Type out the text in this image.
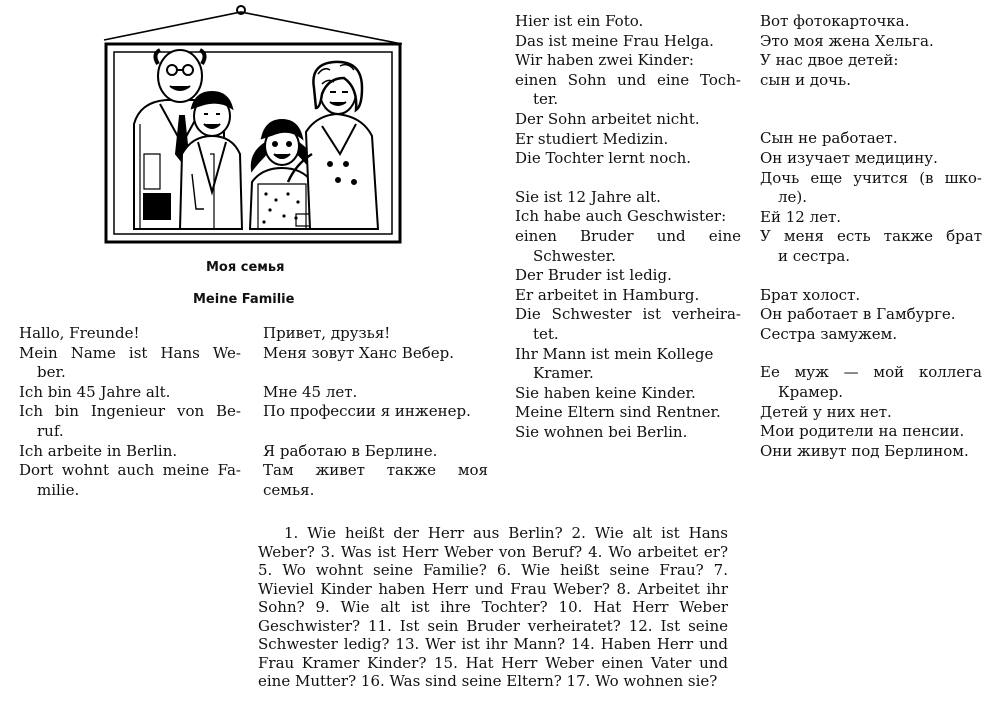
Моя семья
Meine Familie

Hallo, Freunde!

Mein Name ist Hans We-

ber.

Ich bin 45 Jahre alt.

Ich bin Ingenieur von Be-

ruf.

Ich arbeite in Berlin.

Dort wohnt auch meine Fa-

milie.

Привет, друзья!

Меня зовут Ханс Вебер.

Мне 45 лет.

По профессии я инженер.

Я работаю в Берлине.

Там живет также моя

семья.

Hier ist ein Foto.

Das ist meine Frau Helga.

Wir haben zwei Kinder:

einen Sohn und eine Toch-

ter.

Der Sohn arbeitet nicht.

Er studiert Medizin.

Die Tochter lernt noch.

Sie ist 12 Jahre alt.

Ich habe auch Geschwister:

einen Bruder und eine

Schwester.

Der Bruder ist ledig.

Er arbeitet in Hamburg.

Die Schwester ist verheira-

tet.

Ihr Mann ist mein Kollege

Kramer.

Sie haben keine Kinder.

Meine Eltern sind Rentner.

Sie wohnen bei Berlin.

Вот фотокарточка.

Это моя жена Хельга.

У нас двое детей:

сын и дочь.

Сын не работает.

Он изучает медицину.

Дочь еще учится (в шко-

ле).

Ей 12 лет.

У меня есть также брат

и сестра.

Брат холост.

Он работает в Гамбурге.

Сестра замужем.

Ее муж — мой коллега

Крамер.

Детей у них нет.

Мои родители на пенсии.

Они живут под Берлином.

1. Wie heißt der Herr aus Berlin? 2. Wie alt ist Hans Weber? 3. Was ist Herr Weber von Beruf? 4. Wo arbeitet er? 5. Wo wohnt seine Familie? 6. Wie heißt seine Frau? 7. Wieviel Kinder haben Herr und Frau Weber? 8. Arbeitet ihr Sohn? 9. Wie alt ist ihre Tochter? 10. Hat Herr Weber Geschwister? 11. Ist sein Bruder verheiratet? 12. Ist seine Schwester ledig? 13. Wer ist ihr Mann? 14. Haben Herr und Frau Kramer Kinder? 15. Hat Herr Weber einen Vater und eine Mutter? 16. Was sind seine Eltern? 17. Wo wohnen sie?
